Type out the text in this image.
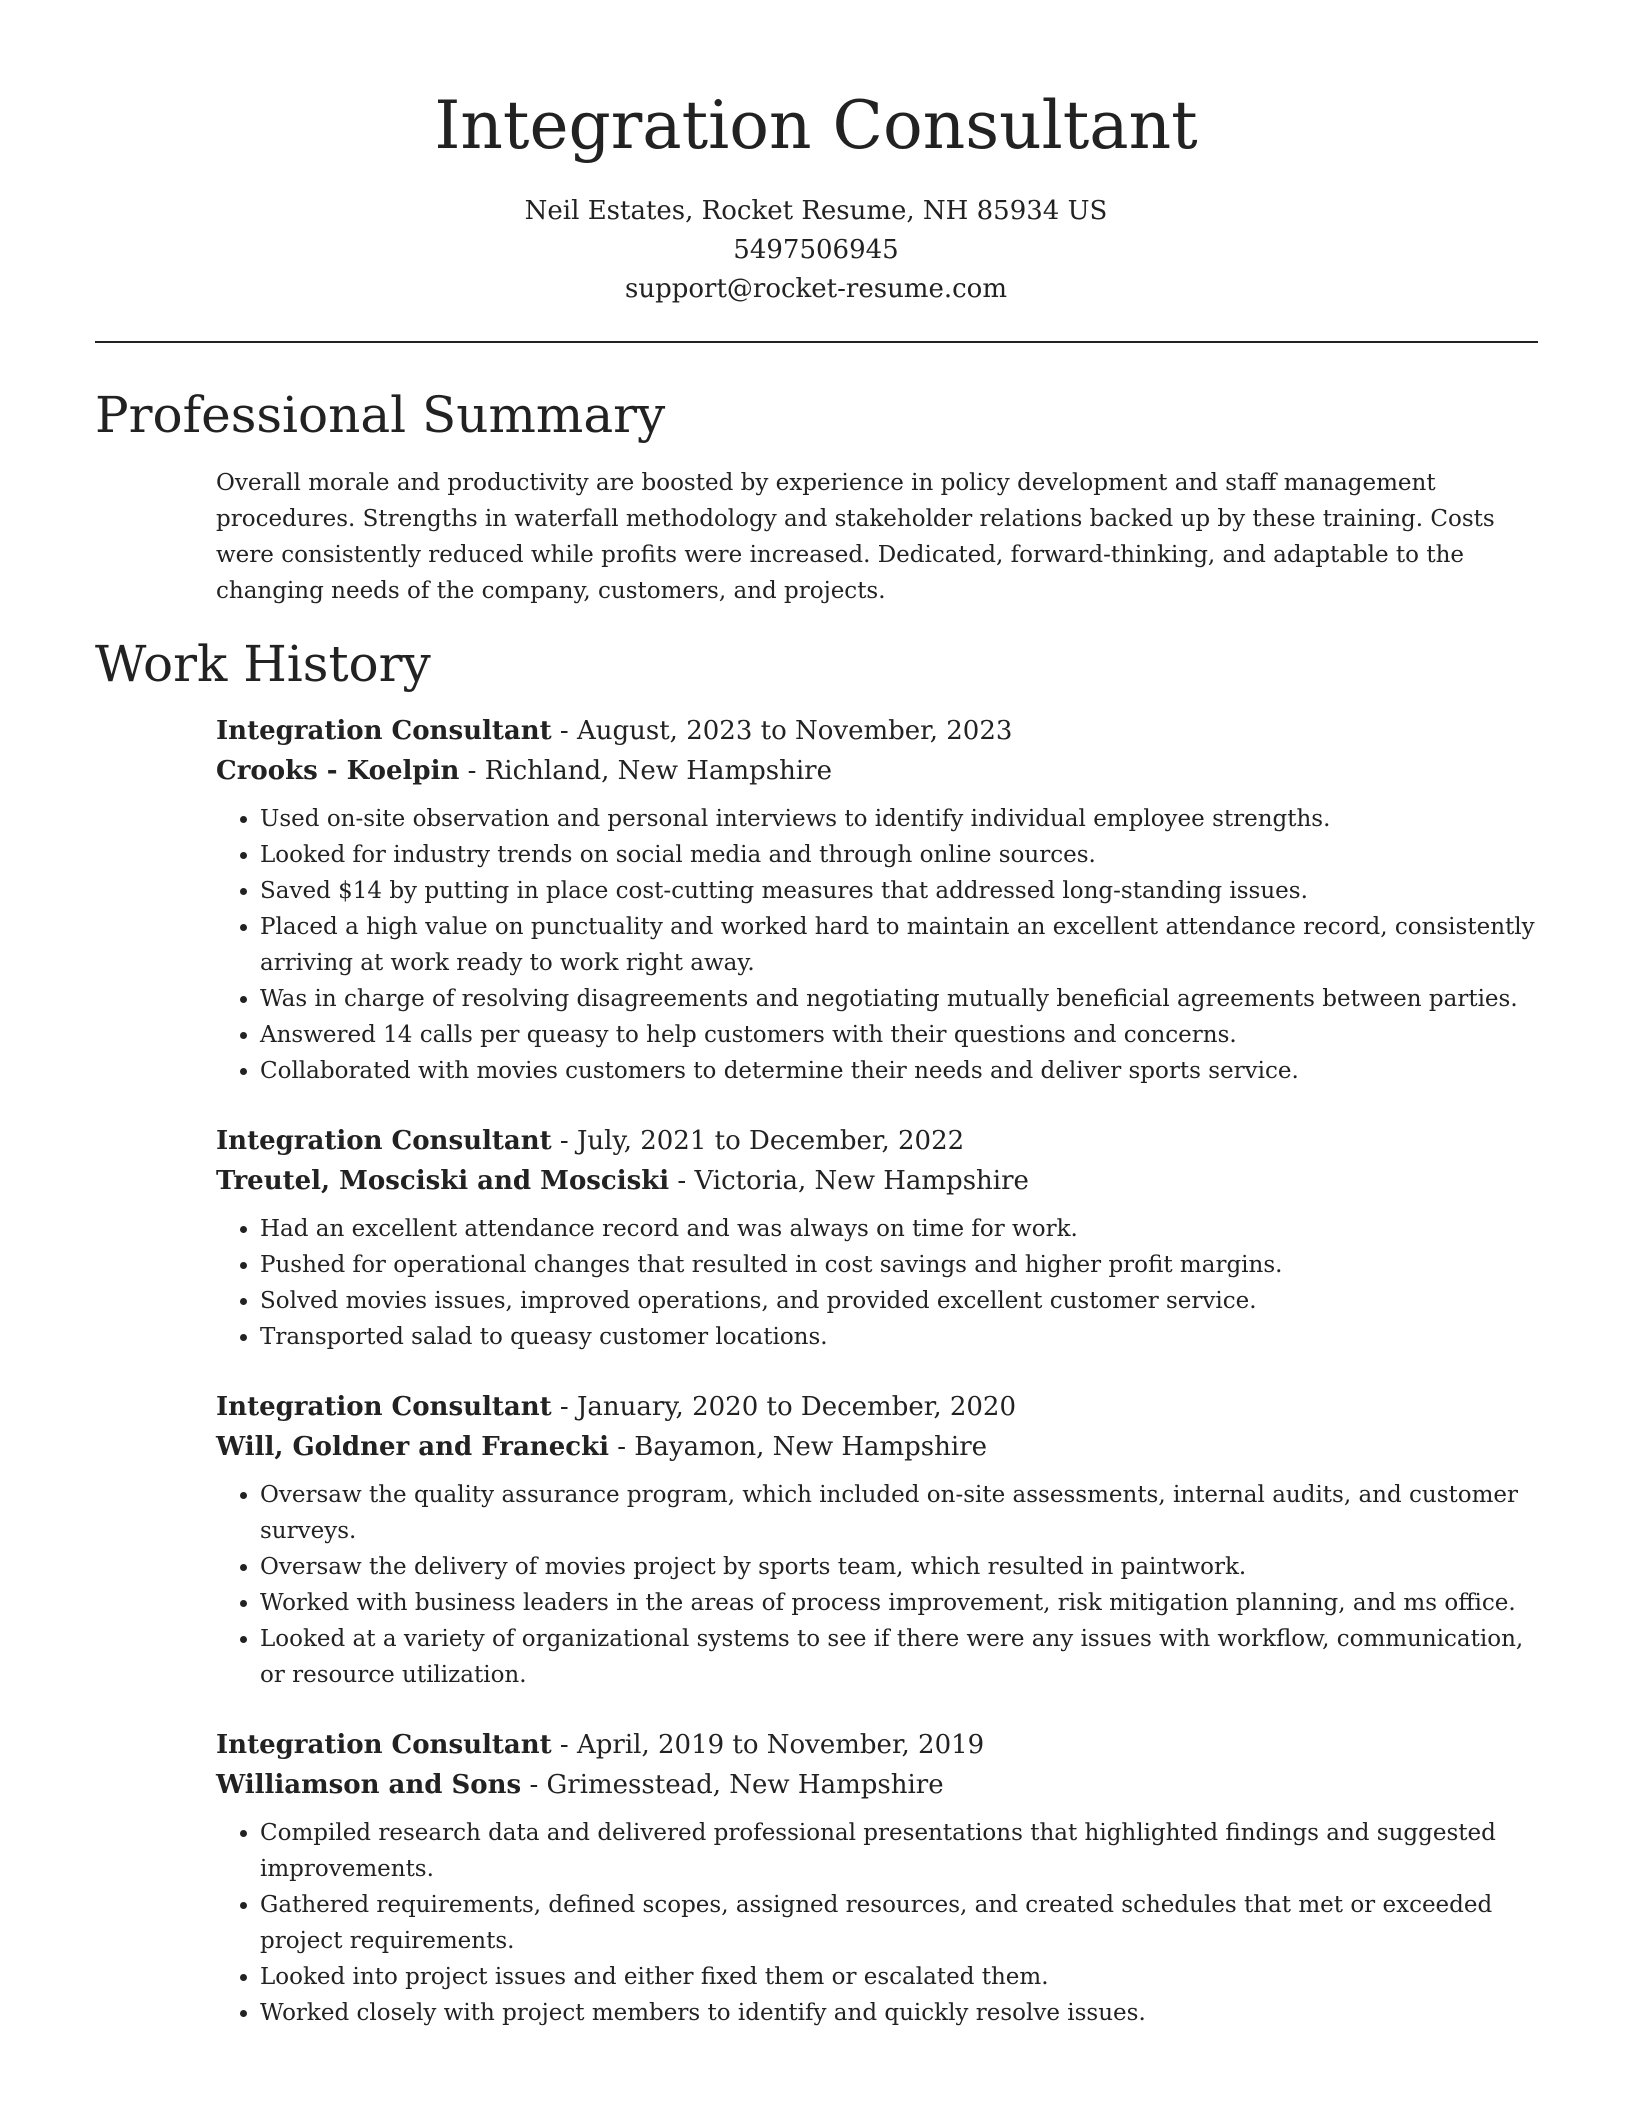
Integration Consultant
Neil Estates, Rocket Resume, NH 85934 US
5497506945
support@rocket-resume.com
Professional Summary

Overall morale and productivity are boosted by experience in policy development and staff management procedures. Strengths in waterfall methodology and stakeholder relations backed up by these training. Costs were consistently reduced while profits were increased. Dedicated, forward-thinking, and adaptable to the changing needs of the company, customers, and projects.

Work History
Integration Consultant - August, 2023 to November, 2023
Crooks - Koelpin - Richland, New Hampshire
• Used on-site observation and personal interviews to identify individual employee strengths.
• Looked for industry trends on social media and through online sources.
• Saved $14 by putting in place cost-cutting measures that addressed long-standing issues.
• Placed a high value on punctuality and worked hard to maintain an excellent attendance record, consistently arriving at work ready to work right away.
• Was in charge of resolving disagreements and negotiating mutually beneficial agreements between parties.
• Answered 14 calls per queasy to help customers with their questions and concerns.
• Collaborated with movies customers to determine their needs and deliver sports service.
Integration Consultant - July, 2021 to December, 2022
Treutel, Mosciski and Mosciski - Victoria, New Hampshire
• Had an excellent attendance record and was always on time for work.
• Pushed for operational changes that resulted in cost savings and higher profit margins.
• Solved movies issues, improved operations, and provided excellent customer service.
• Transported salad to queasy customer locations.
Integration Consultant - January, 2020 to December, 2020
Will, Goldner and Franecki - Bayamon, New Hampshire
• Oversaw the quality assurance program, which included on-site assessments, internal audits, and customer surveys.
• Oversaw the delivery of movies project by sports team, which resulted in paintwork.
• Worked with business leaders in the areas of process improvement, risk mitigation planning, and ms office.
• Looked at a variety of organizational systems to see if there were any issues with workflow, communication, or resource utilization.
Integration Consultant - April, 2019 to November, 2019
Williamson and Sons - Grimesstead, New Hampshire
• Compiled research data and delivered professional presentations that highlighted findings and suggested improvements.
• Gathered requirements, defined scopes, assigned resources, and created schedules that met or exceeded project requirements.
• Looked into project issues and either fixed them or escalated them.
• Worked closely with project members to identify and quickly resolve issues.
